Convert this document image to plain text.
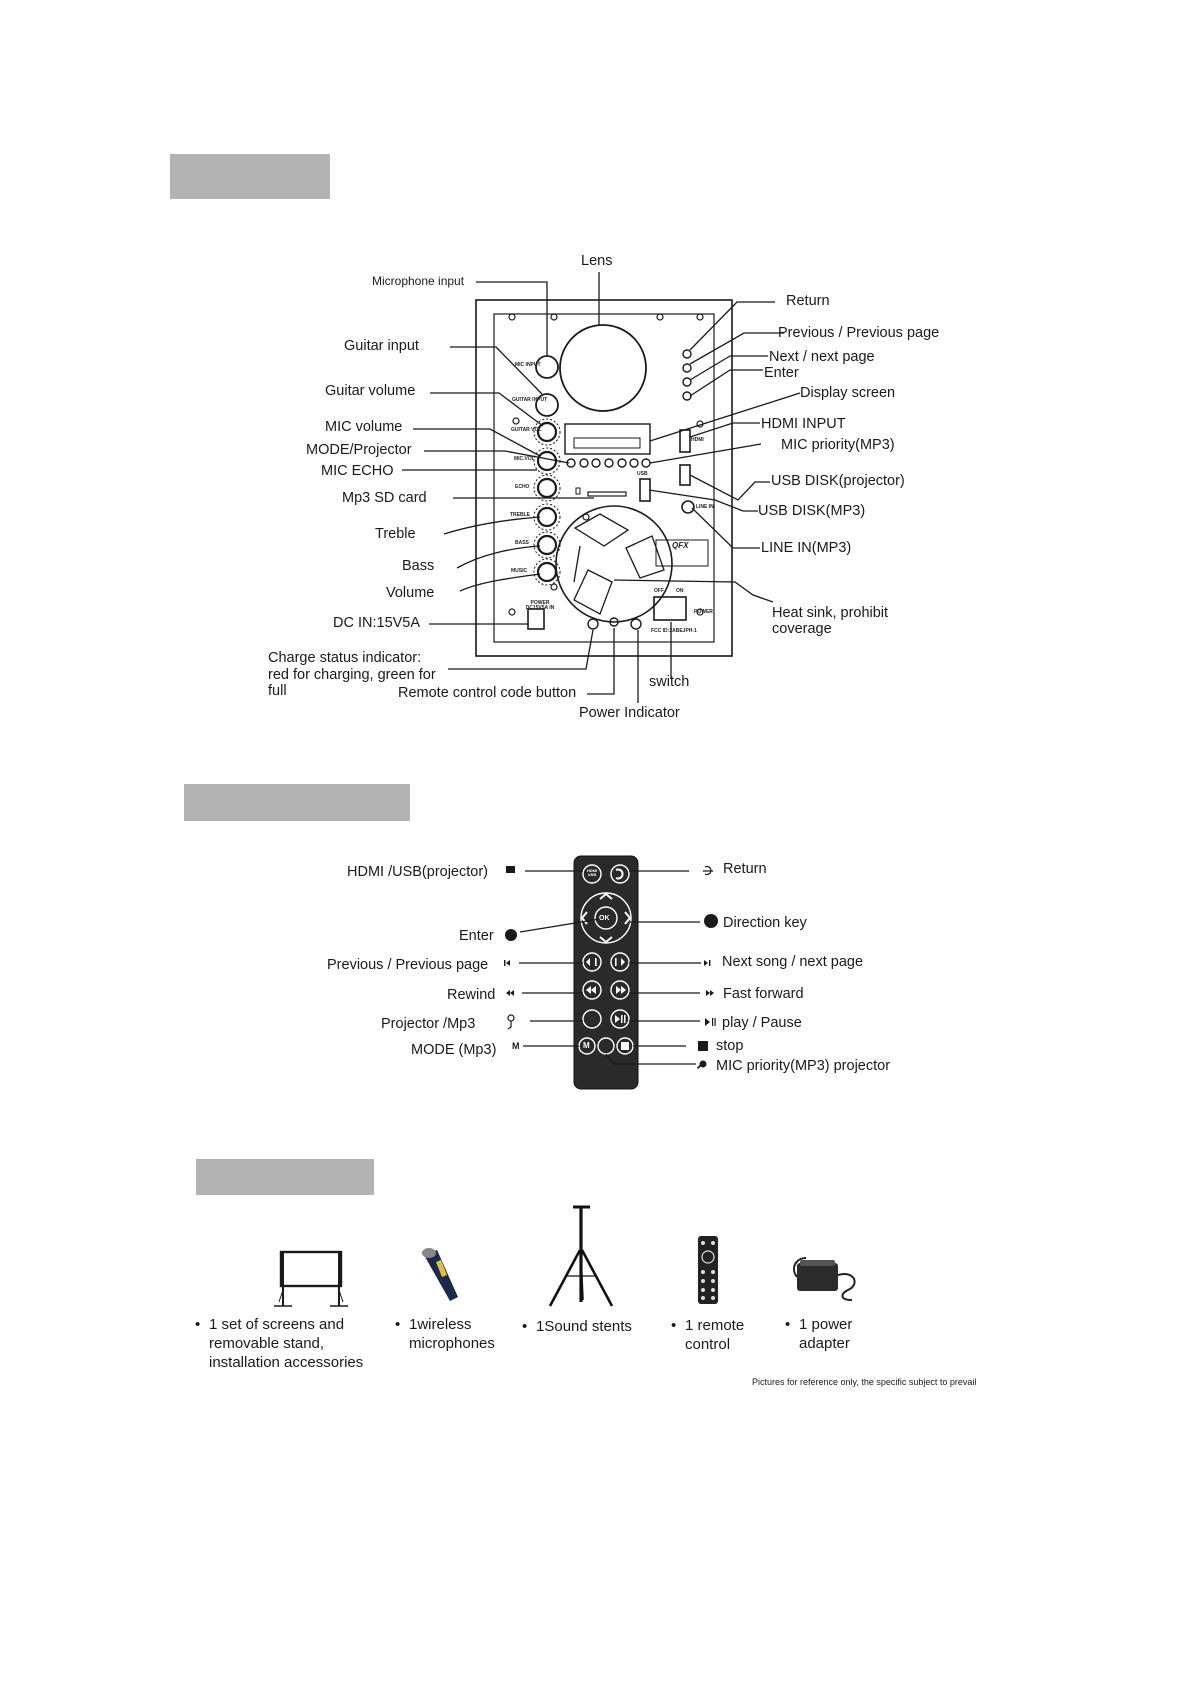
MIC INPUT
GUITAR INPUT
GUITAR VOL
MIC.VOL
ECHO
TREBLE
BASS
MUSIC
HDMI
USB
LINE IN
POWER DC15V5A IN
OFF ON
POWER
QFX
FCC ID:2ABEJPH-1
Microphone input
Guitar input
Guitar volume
MIC volume
MODE/Projector
MIC ECHO
Mp3 SD card
Treble
Bass
Volume
DC IN:15V5A
Charge status indicator:
red for charging, green for
full
Lens
Return
Previous / Previous page
Next / next page
Enter
Display screen
HDMI INPUT
MIC priority(MP3)
USB DISK(projector)
USB DISK(MP3)
LINE IN(MP3)
Heat sink, prohibit
coverage
Remote control code button
switch
Power Indicator
HDMI USB
OK
M
HDMI /USB(projector)
Enter
Previous / Previous page
Rewind
Projector /Mp3
MODE (Mp3) M
Return
Direction key
Next song / next page
Fast forward
play / Pause
stop
MIC priority(MP3) projector
• 1 set of screens and
removable stand,
installation accessories
• 1wireless
microphones
• 1Sound stents	• 1 remote
control
• 1 power
adapter
Pictures for reference only, the specific subject to prevail
